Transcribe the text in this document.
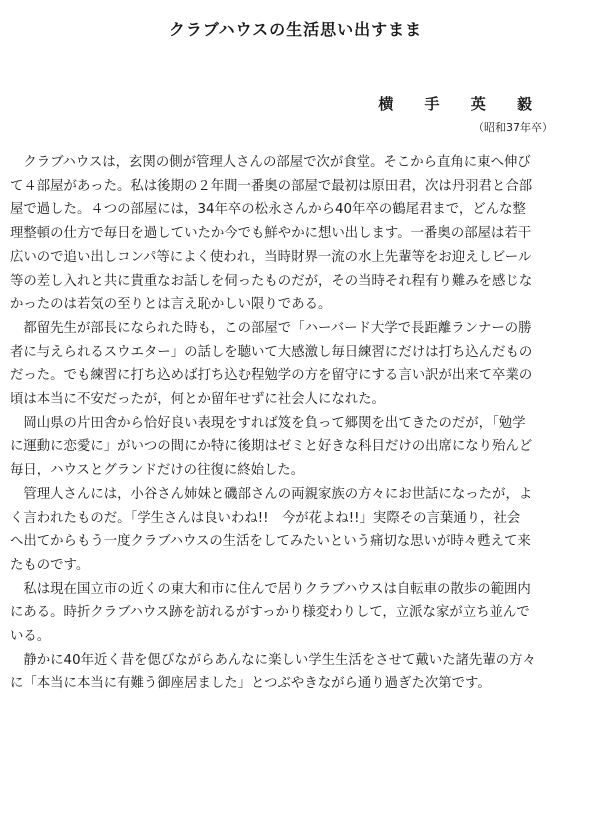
クラブハウスの生活思い出すまま
横 手 英 毅
（昭和37年卒）

　クラブハウスは，玄関の側が管理人さんの部屋で次が食堂。そこから直角に東へ伸び
て４部屋があった。私は後期の２年間一番奥の部屋で最初は原田君，次は丹羽君と合部
屋で過した。４つの部屋には，34年卒の松永さんから40年卒の鶴尾君まで，どんな整
理整頓の仕方で毎日を過していたか今でも鮮やかに想い出します。一番奥の部屋は若干
広いので追い出しコンパ等によく使われ，当時財界一流の水上先輩等をお迎えしビール
等の差し入れと共に貴重なお話しを伺ったものだが，その当時それ程有り難みを感じな
かったのは若気の至りとは言え恥かしい限りである。

　都留先生が部長になられた時も，この部屋で「ハーバード大学で長距離ランナーの勝
者に与えられるスウエター」の話しを聴いて大感激し毎日練習にだけは打ち込んだもの
だった。でも練習に打ち込めば打ち込む程勉学の方を留守にする言い訳が出来て卒業の
頃は本当に不安だったが，何とか留年せずに社会人になれた。

　岡山県の片田舎から恰好良い表現をすれば笈を負って郷関を出てきたのだが，「勉学
に運動に恋愛に」がいつの間にか特に後期はゼミと好きな科目だけの出席になり殆んど
毎日，ハウスとグランドだけの往復に終始した。

　管理人さんには，小谷さん姉妹と磯部さんの両親家族の方々にお世話になったが，よ
く言われたものだ。「学生さんは良いわね!!　今が花よね!!」実際その言葉通り，社会
へ出てからもう一度クラブハウスの生活をしてみたいという痛切な思いが時々甦えて来
たものです。

　私は現在国立市の近くの東大和市に住んで居りクラブハウスは自転車の散歩の範囲内
にある。時折クラブハウス跡を訪れるがすっかり様変わりして，立派な家が立ち並んで
いる。

　静かに40年近く昔を偲びながらあんなに楽しい学生生活をさせて戴いた諸先輩の方々
に「本当に本当に有難う御座居ました」とつぶやきながら通り過ぎた次第です。
